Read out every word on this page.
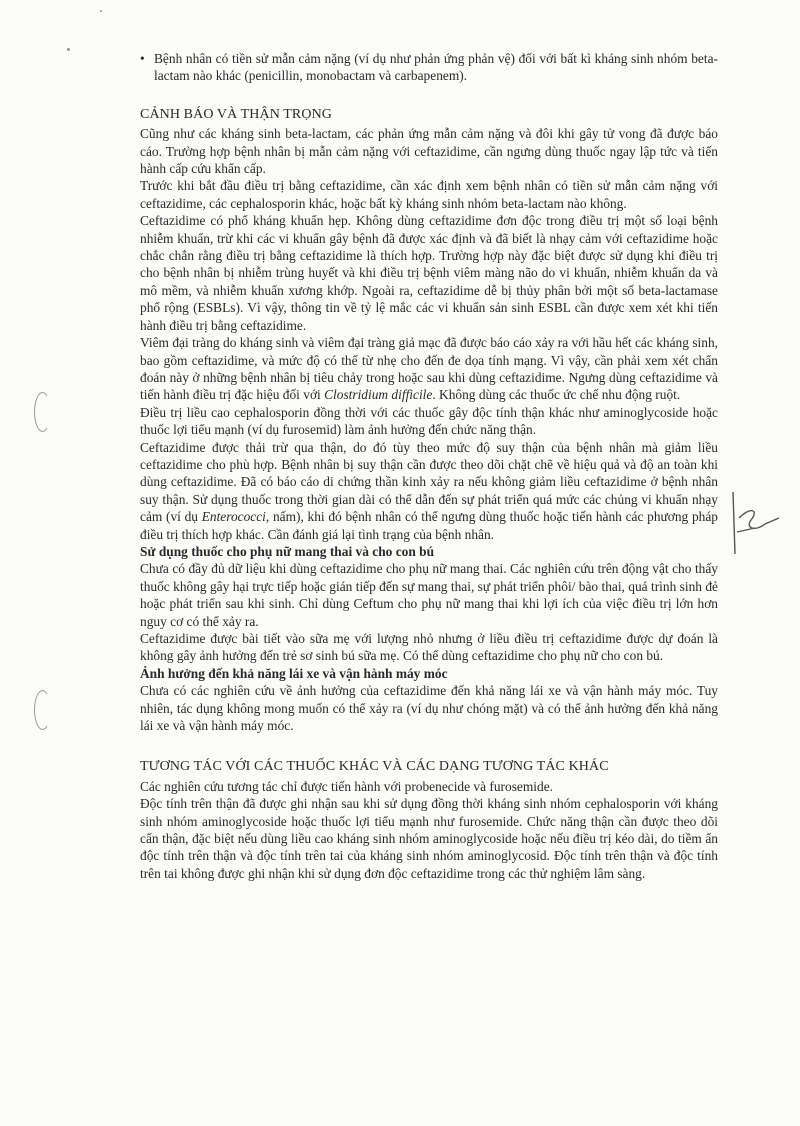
• Bệnh nhân có tiền sử mẫn cảm nặng (ví dụ như phản ứng phản vệ) đối với bất kì kháng sinh nhóm beta-lactam nào khác (penicillin, monobactam và carbapenem).
CẢNH BÁO VÀ THẬN TRỌNG

Cũng như các kháng sinh beta-lactam, các phản ứng mẫn cảm nặng và đôi khi gây tử vong đã được báo cáo. Trường hợp bệnh nhân bị mẫn cảm nặng với ceftazidime, cần ngưng dùng thuốc ngay lập tức và tiến hành cấp cứu khẩn cấp.

Trước khi bắt đầu điều trị bằng ceftazidime, cần xác định xem bệnh nhân có tiền sử mẫn cảm nặng với ceftazidime, các cephalosporin khác, hoặc bất kỳ kháng sinh nhóm beta-lactam nào không.

Ceftazidime có phổ kháng khuẩn hẹp. Không dùng ceftazidime đơn độc trong điều trị một số loại bệnh nhiễm khuẩn, trừ khi các vi khuẩn gây bệnh đã được xác định và đã biết là nhạy cảm với ceftazidime hoặc chắc chắn rằng điều trị bằng ceftazidime là thích hợp. Trường hợp này đặc biệt được sử dụng khi điều trị cho bệnh nhân bị nhiễm trùng huyết và khi điều trị bệnh viêm màng não do vi khuẩn, nhiễm khuẩn da và mô mềm, và nhiễm khuẩn xương khớp. Ngoài ra, ceftazidime dễ bị thủy phân bởi một số beta-lactamase phổ rộng (ESBLs). Vì vậy, thông tin về tỷ lệ mắc các vi khuẩn sản sinh ESBL cần được xem xét khi tiến hành điều trị bằng ceftazidime.

Viêm đại tràng do kháng sinh và viêm đại tràng giả mạc đã được báo cáo xảy ra với hầu hết các kháng sinh, bao gồm ceftazidime, và mức độ có thể từ nhẹ cho đến đe dọa tính mạng. Vì vậy, cần phải xem xét chẩn đoán này ở những bệnh nhân bị tiêu chảy trong hoặc sau khi dùng ceftazidime. Ngưng dùng ceftazidime và tiến hành điều trị đặc hiệu đối với Clostridium difficile. Không dùng các thuốc ức chế nhu động ruột.

Điều trị liều cao cephalosporin đồng thời với các thuốc gây độc tính thận khác như aminoglycoside hoặc thuốc lợi tiểu mạnh (ví dụ furosemid) làm ảnh hưởng đến chức năng thận.

Ceftazidime được thải trừ qua thận, do đó tùy theo mức độ suy thận của bệnh nhân mà giảm liều ceftazidime cho phù hợp. Bệnh nhân bị suy thận cần được theo dõi chặt chẽ về hiệu quả và độ an toàn khi dùng ceftazidime. Đã có báo cáo di chứng thần kinh xảy ra nếu không giảm liều ceftazidime ở bệnh nhân suy thận. Sử dụng thuốc trong thời gian dài có thể dẫn đến sự phát triển quá mức các chủng vi khuẩn nhạy cảm (ví dụ Enterococci, nấm), khi đó bệnh nhân có thể ngưng dùng thuốc hoặc tiến hành các phương pháp điều trị thích hợp khác. Cần đánh giá lại tình trạng của bệnh nhân.

Sử dụng thuốc cho phụ nữ mang thai và cho con bú

Chưa có đầy đủ dữ liệu khi dùng ceftazidime cho phụ nữ mang thai. Các nghiên cứu trên động vật cho thấy thuốc không gây hại trực tiếp hoặc gián tiếp đến sự mang thai, sự phát triển phôi/ bào thai, quá trình sinh đẻ hoặc phát triển sau khi sinh. Chỉ dùng Ceftum cho phụ nữ mang thai khi lợi ích của việc điều trị lớn hơn nguy cơ có thể xảy ra.

Ceftazidime được bài tiết vào sữa mẹ với lượng nhỏ nhưng ở liều điều trị ceftazidime được dự đoán là không gây ảnh hưởng đến trẻ sơ sinh bú sữa mẹ. Có thể dùng ceftazidime cho phụ nữ cho con bú.

Ảnh hưởng đến khả năng lái xe và vận hành máy móc

Chưa có các nghiên cứu về ảnh hưởng của ceftazidime đến khả năng lái xe và vận hành máy móc. Tuy nhiên, tác dụng không mong muốn có thể xảy ra (ví dụ như chóng mặt) và có thể ảnh hưởng đến khả năng lái xe và vận hành máy móc.

TƯƠNG TÁC VỚI CÁC THUỐC KHÁC VÀ CÁC DẠNG TƯƠNG TÁC KHÁC

Các nghiên cứu tương tác chỉ được tiến hành với probenecide và furosemide.

Độc tính trên thận đã được ghi nhận sau khi sử dụng đồng thời kháng sinh nhóm cephalosporin với kháng sinh nhóm aminoglycoside hoặc thuốc lợi tiểu mạnh như furosemide. Chức năng thận cần được theo dõi cẩn thận, đặc biệt nếu dùng liều cao kháng sinh nhóm aminoglycoside hoặc nếu điều trị kéo dài, do tiềm ẩn độc tính trên thận và độc tính trên tai của kháng sinh nhóm aminoglycosid. Độc tính trên thận và độc tính trên tai không được ghi nhận khi sử dụng đơn độc ceftazidime trong các thử nghiệm lâm sàng.
